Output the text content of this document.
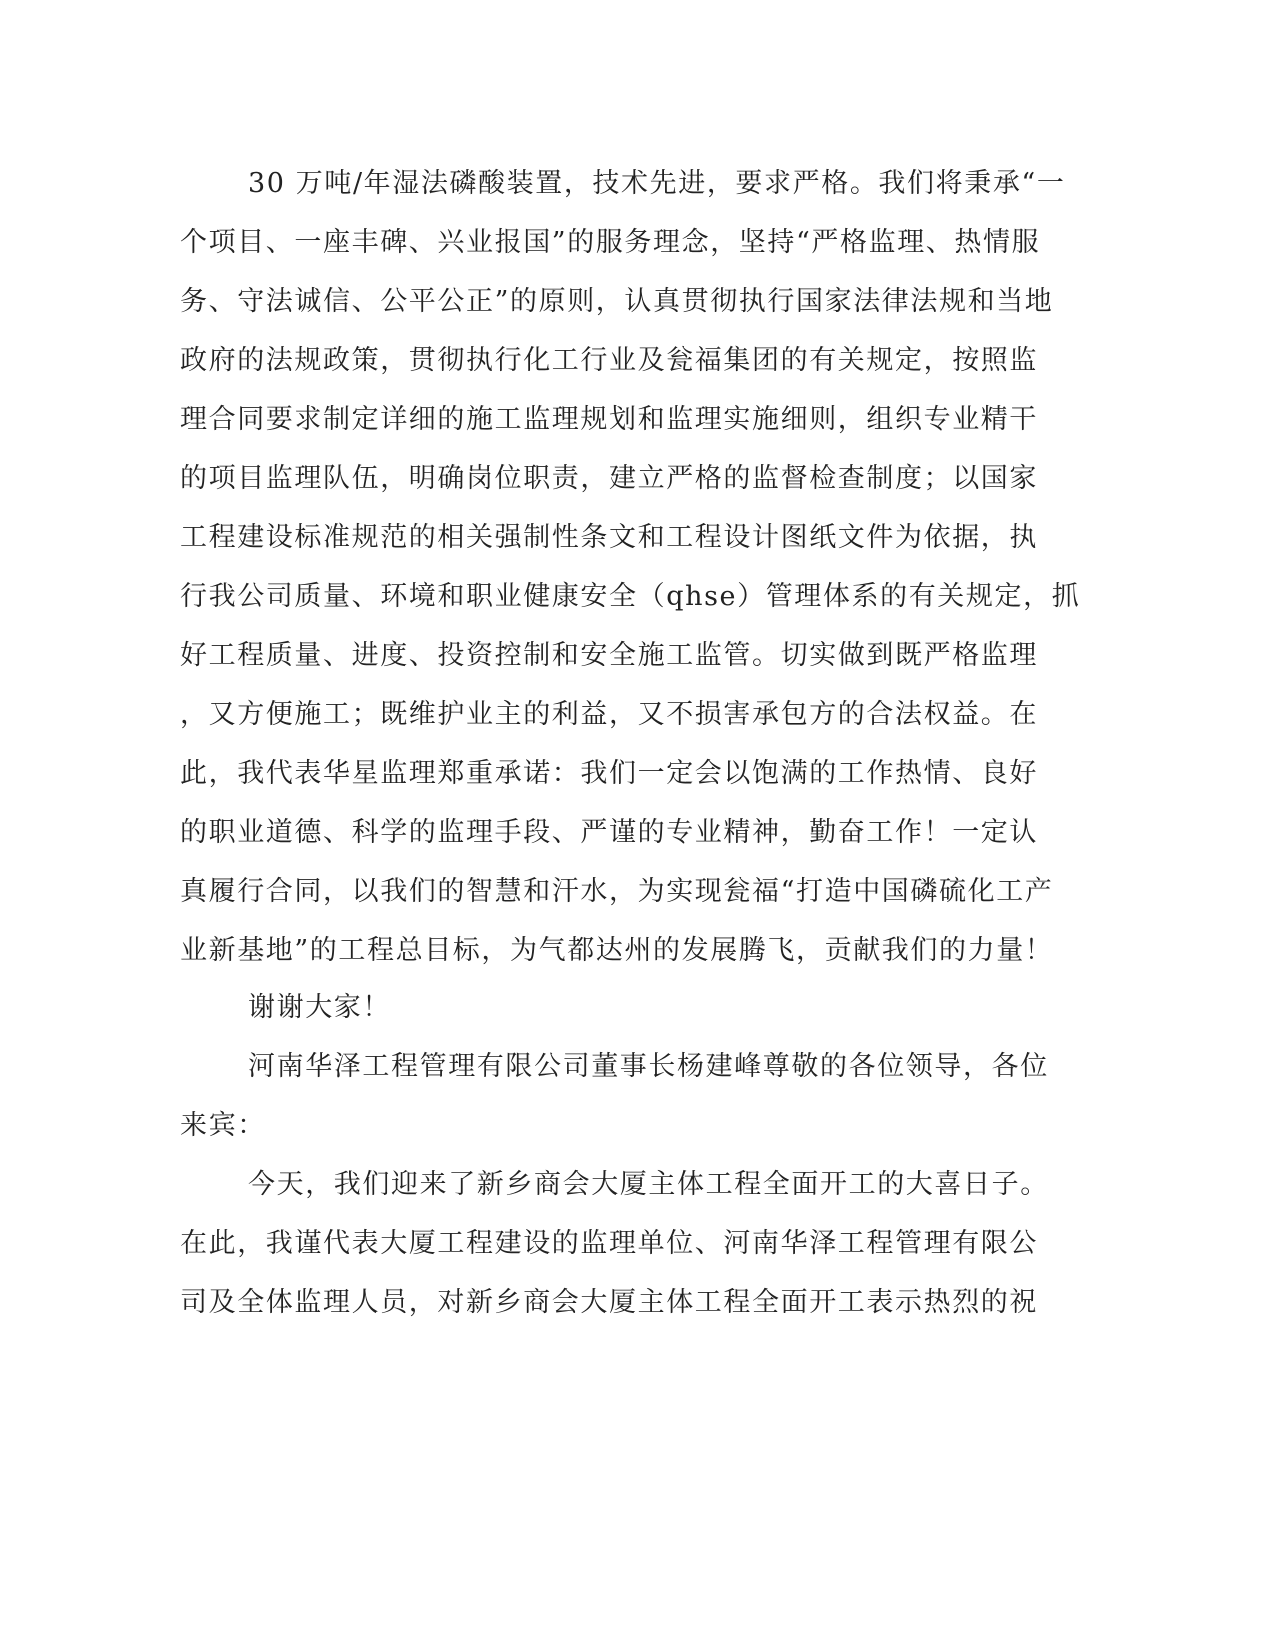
30 万吨/年湿法磷酸装置，技术先进，要求严格。我们将秉承“一
个项目、一座丰碑、兴业报国”的服务理念，坚持“严格监理、热情服
务、守法诚信、公平公正”的原则，认真贯彻执行国家法律法规和当地
政府的法规政策，贯彻执行化工行业及瓮福集团的有关规定，按照监
理合同要求制定详细的施工监理规划和监理实施细则，组织专业精干
的项目监理队伍，明确岗位职责，建立严格的监督检查制度；以国家
工程建设标准规范的相关强制性条文和工程设计图纸文件为依据，执
行我公司质量、环境和职业健康安全（qhse）管理体系的有关规定，抓
好工程质量、进度、投资控制和安全施工监管。切实做到既严格监理
，又方便施工；既维护业主的利益，又不损害承包方的合法权益。在
此，我代表华星监理郑重承诺：我们一定会以饱满的工作热情、良好
的职业道德、科学的监理手段、严谨的专业精神，勤奋工作！一定认
真履行合同，以我们的智慧和汗水，为实现瓮福“打造中国磷硫化工产
业新基地”的工程总目标，为气都达州的发展腾飞，贡献我们的力量！
谢谢大家！
河南华泽工程管理有限公司董事长杨建峰尊敬的各位领导，各位
来宾：
今天，我们迎来了新乡商会大厦主体工程全面开工的大喜日子。
在此，我谨代表大厦工程建设的监理单位、河南华泽工程管理有限公
司及全体监理人员，对新乡商会大厦主体工程全面开工表示热烈的祝
